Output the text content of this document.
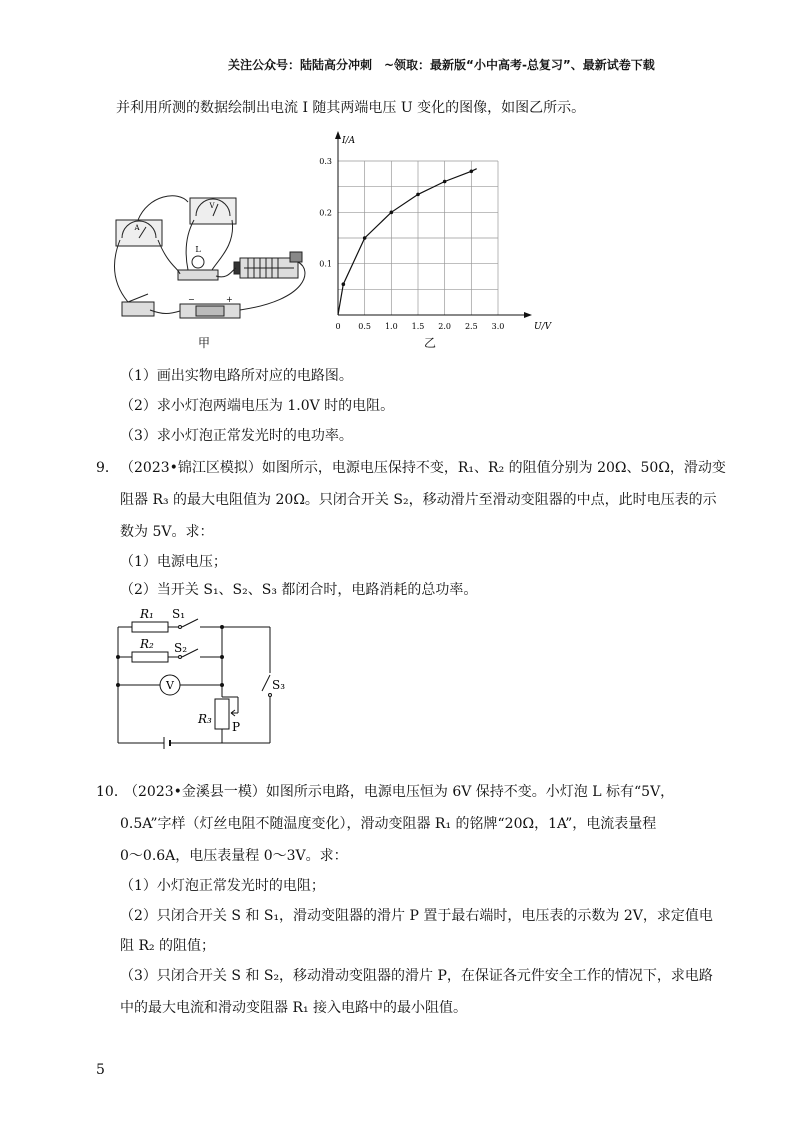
关注公众号：陆陆高分冲刺　~领取：最新版“小中高考-总复习”、最新试卷下载
并利用所测的数据绘制出电流 I 随其两端电压 U 变化的图像，如图乙所示。
A
V
L
−	+
甲
0 0.5 1.0 1.5 2.0 2.5 3.0
0.1
0.2
0.3
U/V
I/A
乙
（1）画出实物电路所对应的电路图。
（2）求小灯泡两端电压为 1.0V 时的电阻。
（3）求小灯泡正常发光时的电功率。
9． （2023•锦江区模拟）如图所示，电源电压保持不变，R₁、R₂ 的阻值分别为 20Ω、50Ω，滑动变
阻器 R₃ 的最大电阻值为 20Ω。只闭合开关 S₂，移动滑片至滑动变阻器的中点，此时电压表的示
数为 5V。求：
（1）电源电压；
（2）当开关 S₁、S₂、S₃ 都闭合时，电路消耗的总功率。
R₁ S₁
R₂ S₂
V	S₃
R₃
P
10．
（2023•金溪县一模）如图所示电路，电源电压恒为 6V 保持不变。小灯泡 L 标有“5V，
0.5A”字样（灯丝电阻不随温度变化），滑动变阻器 R₁ 的铭牌“20Ω，1A”，电流表量程
0～0.6A，电压表量程 0～3V。求：
（1）小灯泡正常发光时的电阻；
（2）只闭合开关 S 和 S₁，滑动变阻器的滑片 P 置于最右端时，电压表的示数为 2V，求定值电
阻 R₂ 的阻值；
（3）只闭合开关 S 和 S₂，移动滑动变阻器的滑片 P，在保证各元件安全工作的情况下，求电路
中的最大电流和滑动变阻器 R₁ 接入电路中的最小阻值。
5
